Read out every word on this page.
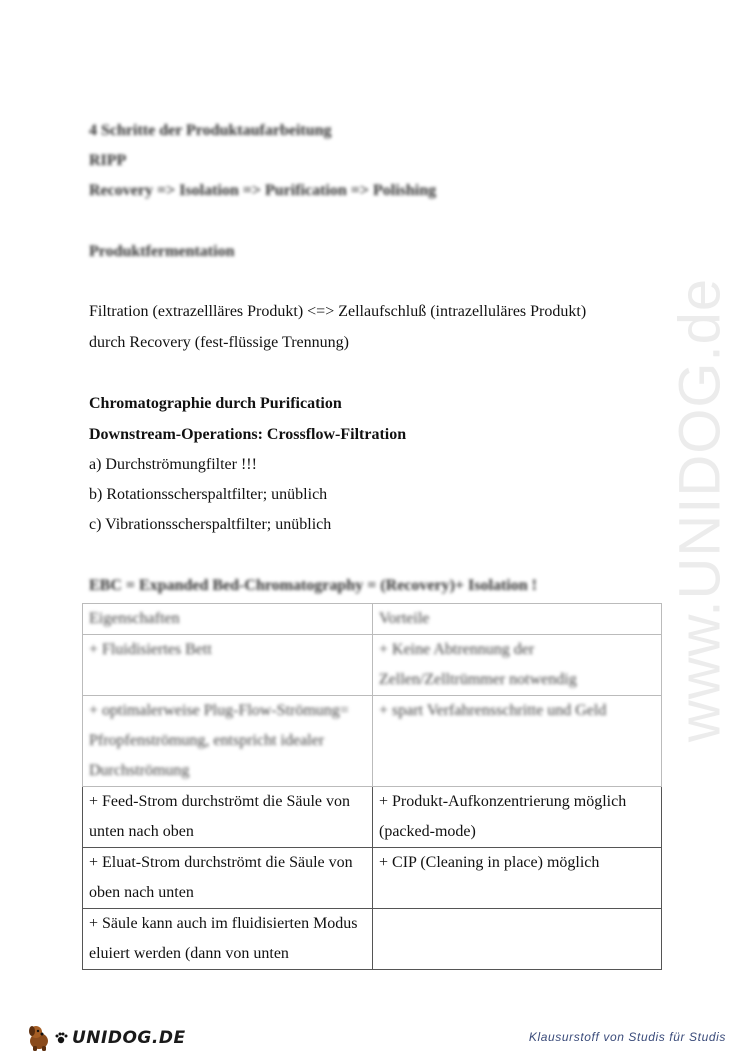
www.UNIDOG.de
4 Schritte der Produktaufarbeitung
RIPP
Recovery => Isolation => Purification => Polishing
Produktfermentation
Filtration (extrazellläres Produkt) <=> Zellaufschluß (intrazelluläres Produkt)
durch Recovery (fest-flüssige Trennung)
Chromatographie durch Purification
Downstream-Operations: Crossflow-Filtration
a) Durchströmungfilter !!!
b) Rotationsscherspaltfilter; unüblich
c) Vibrationsscherspaltfilter; unüblich
EBC = Expanded Bed-Chromatography = (Recovery)+ Isolation !
Eigenschaften	Vorteile

+ Fluidisiertes Bett	+ Keine Abtrennung der Zellen/Zelltrümmer notwendig

+ optimalerweise Plug-Flow-Strömung= Pfropfenströmung, entspricht idealer Durchströmung	+ spart Verfahrensschritte und Geld

+ Feed-Strom durchströmt die Säule von unten nach oben	+ Produkt-Aufkonzentrierung möglich (packed-mode)
+ Eluat-Strom durchströmt die Säule von oben nach unten	+ CIP (Cleaning in place) möglich
+ Säule kann auch im fluidisierten Modus eluiert werden (dann von unten	
UNIDOG.DE	Klausurstoff von Studis für Studis
